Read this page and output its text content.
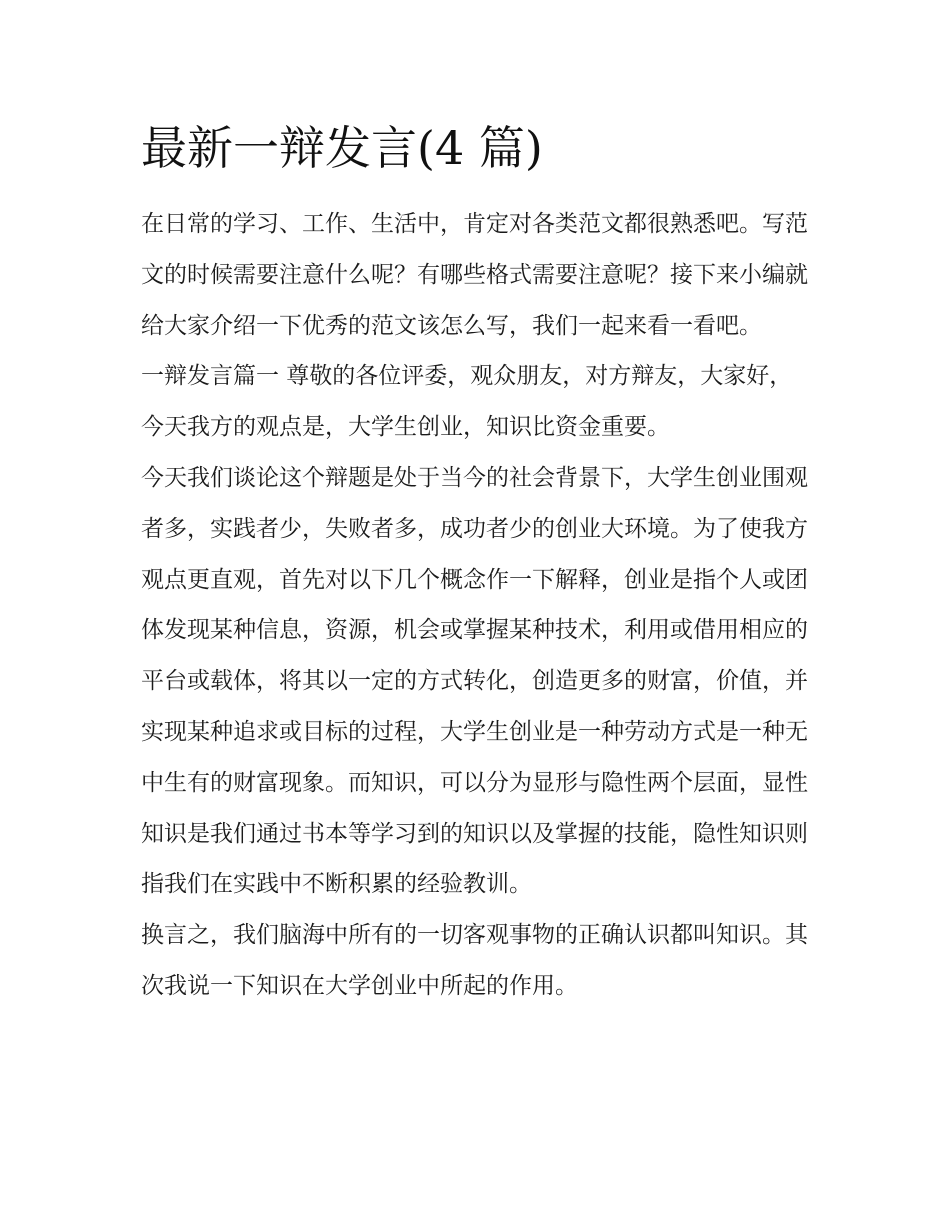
最新一辩发言(4 篇)

在日常的学习、工作、生活中，肯定对各类范文都很熟悉吧。写范文的时候需要注意什么呢？有哪些格式需要注意呢？接下来小编就给大家介绍一下优秀的范文该怎么写，我们一起来看一看吧。

一辩发言篇一 尊敬的各位评委，观众朋友，对方辩友，大家好，今天我方的观点是，大学生创业，知识比资金重要。

今天我们谈论这个辩题是处于当今的社会背景下，大学生创业围观者多，实践者少，失败者多，成功者少的创业大环境。为了使我方观点更直观，首先对以下几个概念作一下解释，创业是指个人或团体发现某种信息，资源，机会或掌握某种技术，利用或借用相应的平台或载体，将其以一定的方式转化，创造更多的财富，价值，并实现某种追求或目标的过程，大学生创业是一种劳动方式是一种无中生有的财富现象。而知识，可以分为显形与隐性两个层面，显性知识是我们通过书本等学习到的知识以及掌握的技能，隐性知识则指我们在实践中不断积累的经验教训。

换言之，我们脑海中所有的一切客观事物的正确认识都叫知识。其次我说一下知识在大学创业中所起的作用。
